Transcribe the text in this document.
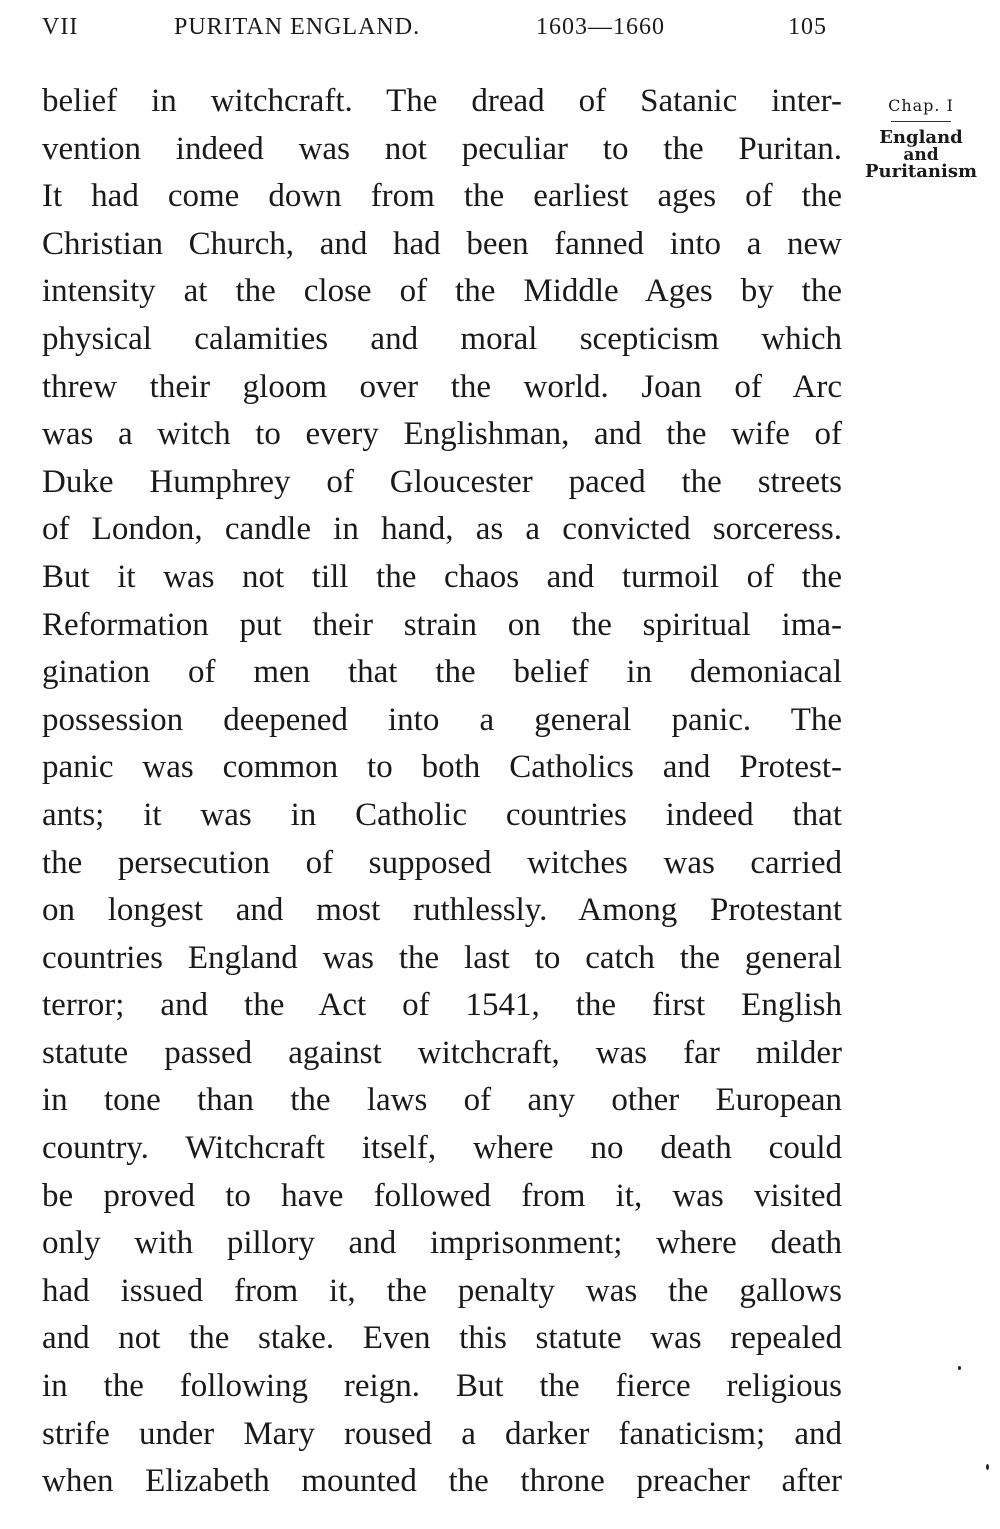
VII	PURITAN ENGLAND.	1603—1660	105
Chap. I
England
and
Puritanism
belief in witchcraft. The dread of Satanic inter-
vention indeed was not peculiar to the Puritan.
It had come down from the earliest ages of the
Christian Church, and had been fanned into a new
intensity at the close of the Middle Ages by the
physical calamities and moral scepticism which
threw their gloom over the world. Joan of Arc
was a witch to every Englishman, and the wife of
Duke Humphrey of Gloucester paced the streets
of London, candle in hand, as a convicted sorceress.
But it was not till the chaos and turmoil of the
Reformation put their strain on the spiritual ima-
gination of men that the belief in demoniacal
possession deepened into a general panic. The
panic was common to both Catholics and Protest-
ants; it was in Catholic countries indeed that
the persecution of supposed witches was carried
on longest and most ruthlessly. Among Protestant
countries England was the last to catch the general
terror; and the Act of 1541, the first English
statute passed against witchcraft, was far milder
in tone than the laws of any other European
country. Witchcraft itself, where no death could
be proved to have followed from it, was visited
only with pillory and imprisonment; where death
had issued from it, the penalty was the gallows
and not the stake. Even this statute was repealed
in the following reign. But the fierce religious
strife under Mary roused a darker fanaticism; and
when Elizabeth mounted the throne preacher after
